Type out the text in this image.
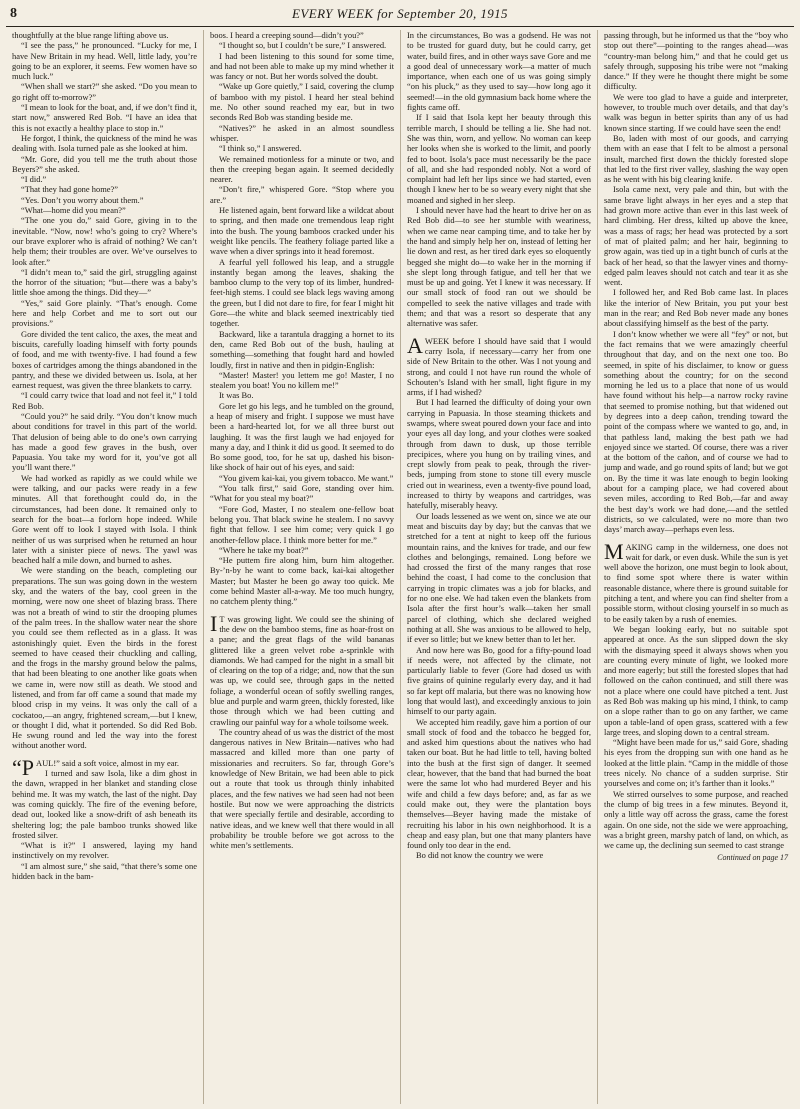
8	EVERY WEEK for September 20, 1915

thoughtfully at the blue range lifting above us.

“I see the pass,” he pronounced. “Lucky for me, I have New Britain in my head. Well, little lady, you’re going to be an explorer, it seems. Few women have so much luck.”

“When shall we start?” she asked. “Do you mean to go right off to-morrow?”

“I mean to look for the boat, and, if we don’t find it, start now,” answered Red Bob. “I have an idea that this is not exactly a healthy place to stop in.”

He forgot, I think, the quickness of the mind he was dealing with. Isola turned pale as she looked at him.

“Mr. Gore, did you tell me the truth about those Beyers?” she asked.

“I did.”

“That they had gone home?”

“Yes. Don’t you worry about them.”

“What—home did you mean?”

“The one you do,” said Gore, giving in to the inevitable. “Now, now! who’s going to cry? Where’s our brave explorer who is afraid of nothing? We can’t help them; their troubles are over. We’ve ourselves to look after.”

“I didn’t mean to,” said the girl, struggling against the horror of the situation; “but—there was a baby’s little shoe among the things. Did they—”

“Yes,” said Gore plainly. “That’s enough. Come here and help Corbet and me to sort out our provisions.”

Gore divided the tent calico, the axes, the meat and biscuits, carefully loading himself with forty pounds of food, and me with twenty-five. I had found a few boxes of cartridges among the things abandoned in the pantry, and these we divided between us. Isola, at her earnest request, was given the three blankets to carry.

“I could carry twice that load and not feel it,” I told Red Bob.

“Could you?” he said drily. “You don’t know much about conditions for travel in this part of the world. That delusion of being able to do one’s own carrying has made a good few graves in the bush, over Papuasia. You take my word for it, you’ve got all you’ll want there.”

We had worked as rapidly as we could while we were talking, and our packs were ready in a few minutes. All that forethought could do, in the circumstances, had been done. It remained only to search for the boat—a forlorn hope indeed. While Gore went off to look I stayed with Isola. I think neither of us was surprised when he returned an hour later with a sinister piece of news. The yawl was beached half a mile down, and burned to ashes.

We were standing on the beach, completing our preparations. The sun was going down in the western sky, and the waters of the bay, cool green in the morning, were now one sheet of blazing brass. There was not a breath of wind to stir the drooping plumes of the palm trees. In the shallow water near the shore you could see them reflected as in a glass. It was astonishingly quiet. Even the birds in the forest seemed to have ceased their chuckling and calling, and the frogs in the marshy ground below the palms, that had been bleating to one another like goats when we came in, were now still as death. We stood and listened, and from far off came a sound that made my blood crisp in my veins. It was only the call of a cockatoo,—an angry, frightened scream,—but I knew, or thought I did, what it portended. So did Red Bob. He swung round and led the way into the forest without another word.

“PAUL!” said a soft voice, almost in my ear.

I turned and saw Isola, like a dim ghost in the dawn, wrapped in her blanket and standing close behind me. It was my watch, the last of the night. Day was coming quickly. The fire of the evening before, dead out, looked like a snow-drift of ash beneath its sheltering log; the pale bamboo trunks showed like frosted silver.

“What is it?” I answered, laying my hand instinctively on my revolver.

“I am almost sure,” she said, “that there’s some one hidden back in the bam-

boos. I heard a creeping sound—didn’t you?”

“I thought so, but I couldn’t be sure,” I answered.

I had been listening to this sound for some time, and had not been able to make up my mind whether it was fancy or not. But her words solved the doubt.

“Wake up Gore quietly,” I said, covering the clump of bamboo with my pistol. I heard her steal behind me. No other sound reached my ear, but in two seconds Red Bob was standing beside me.

“Natives?” he asked in an almost soundless whisper.

“I think so,” I answered.

We remained motionless for a minute or two, and then the creeping began again. It seemed decidedly nearer.

“Don’t fire,” whispered Gore. “Stop where you are.”

He listened again, bent forward like a wildcat about to spring, and then made one tremendous leap right into the bush. The young bamboos cracked under his weight like pencils. The feathery foliage parted like a wave when a diver springs into it head foremost.

A fearful yell followed his leap, and a struggle instantly began among the leaves, shaking the bamboo clump to the very top of its limber, hundred-feet-high stems. I could see black legs waving among the green, but I did not dare to fire, for fear I might hit Gore—the white and black seemed inextricably tied together.

Backward, like a tarantula dragging a hornet to its den, came Red Bob out of the bush, hauling at something—something that fought hard and howled loudly, first in native and then in pidgin-English:

“Master! Master! you lettem me go! Master, I no stealem you boat! You no killem me!”

It was Bo.

Gore let go his legs, and he tumbled on the ground, a heap of misery and fright. I suppose we must have been a hard-hearted lot, for we all three burst out laughing. It was the first laugh we had enjoyed for many a day, and I think it did us good. It seemed to do Bo some good, too, for he sat up, dashed his bison-like shock of hair out of his eyes, and said:

“You givem kai-kai, you givem tobacco. Me want.”

“You talk first,” said Gore, standing over him. “What for you steal my boat?”

“Fore God, Master, I no stealem one-fellow boat belong you. That black swine he stealem. I no savvy fight that fellow. I see him come; very quick I go another-fellow place. I think more better for me.”

“Where he take my boat?”

“He puttem fire along him, burn him altogether. By-’n-by he want to come back, kai-kai altogether Master; but Master he been go away too quick. Me come behind Master all-a-way. Me too much hungry, no catchem plenty thing.”

I T was growing light. We could see the shining of the dew on the bamboo stems, fine as hoar-frost on a pane; and the great flags of the wild bananas glittered like a green velvet robe a-sprinkle with diamonds. We had camped for the night in a small bit of clearing on the top of a ridge; and, now that the sun was up, we could see, through gaps in the netted foliage, a wonderful ocean of softly swelling ranges, blue and purple and warm green, thickly forested, like those through which we had been cutting and crawling our painful way for a whole toilsome week.

The country ahead of us was the district of the most dangerous natives in New Britain—natives who had massacred and killed more than one party of missionaries and recruiters. So far, through Gore’s knowledge of New Britain, we had been able to pick out a route that took us through thinly inhabited places, and the few natives we had seen had not been hostile. But now we were approaching the districts that were specially fertile and desirable, according to native ideas, and we knew well that there would in all probability be trouble before we got across to the white men’s settlements.

In the circumstances, Bo was a godsend. He was not to be trusted for guard duty, but he could carry, get water, build fires, and in other ways save Gore and me a good deal of unnecessary work—a matter of much importance, when each one of us was going simply “on his pluck,” as they used to say—how long ago it seemed!—in the old gymnasium back home where the fights came off.

If I said that Isola kept her beauty through this terrible march, I should be telling a lie. She had not. She was thin, worn, and yellow. No woman can keep her looks when she is worked to the limit, and poorly fed to boot. Isola’s pace must necessarily be the pace of all, and she had responded nobly. Not a word of complaint had left her lips since we had started, even though I knew her to be so weary every night that she moaned and sighed in her sleep.

I should never have had the heart to drive her on as Red Bob did—to see her stumble with weariness, when we came near camping time, and to take her by the hand and simply help her on, instead of letting her lie down and rest, as her tired dark eyes so eloquently begged she might do—to wake her in the morning if she slept long through fatigue, and tell her that we must be up and going. Yet I knew it was necessary. If our small stock of food ran out we should be compelled to seek the native villages and trade with them; and that was a resort so desperate that any alternative was safer.

AWEEK before I should have said that I would carry Isola, if necessary—carry her from one side of New Britain to the other. Was I not young and strong, and could I not have run round the whole of Schouten’s Island with her small, light figure in my arms, if I had wished?

But I had learned the difficulty of doing your own carrying in Papuasia. In those steaming thickets and swamps, where sweat poured down your face and into your eyes all day long, and your clothes were soaked through from dawn to dusk, up those terrible precipices, where you hung on by trailing vines, and crept slowly from peak to peak, through the river-beds, jumping from stone to stone till every muscle cried out in weariness, even a twenty-five pound load, increased to thirty by weapons and cartridges, was hatefully, miserably heavy.

Our loads lessened as we went on, since we ate our meat and biscuits day by day; but the canvas that we stretched for a tent at night to keep off the furious mountain rains, and the knives for trade, and our few clothes and belongings, remained. Long before we had crossed the first of the many ranges that rose behind the coast, I had come to the conclusion that carrying in tropic climates was a job for blacks, and for no one else. We had taken even the blankets from Isola after the first hour’s walk—taken her small parcel of clothing, which she declared weighed nothing at all. She was anxious to be allowed to help, if ever so little; but we knew better than to let her.

And now here was Bo, good for a fifty-pound load if needs were, not affected by the climate, not particularly liable to fever (Gore had dosed us with five grains of quinine regularly every day, and it had so far kept off malaria, but there was no knowing how long that would last), and exceedingly anxious to join himself to our party again.

We accepted him readily, gave him a portion of our small stock of food and the tobacco he begged for, and asked him questions about the natives who had taken our boat. But he had little to tell, having bolted into the bush at the first sign of danger. It seemed clear, however, that the band that had burned the boat were the same lot who had murdered Beyer and his wife and child a few days before; and, as far as we could make out, they were the plantation boys themselves—Beyer having made the mistake of recruiting his labor in his own neighborhood. It is a cheap and easy plan, but one that many planters have found only too dear in the end.

Bo did not know the country we were

passing through, but he informed us that the “boy who stop out there”—pointing to the ranges ahead—was “country-man belong him,” and that he could get us safely through, supposing his tribe were not “making dance.” If they were he thought there might be some difficulty.

We were too glad to have a guide and interpreter, however, to trouble much over details, and that day’s walk was begun in better spirits than any of us had known since starting. If we could have seen the end!

Bo, laden with most of our goods, and carrying them with an ease that I felt to be almost a personal insult, marched first down the thickly forested slope that led to the first river valley, slashing the way open as he went with his big clearing knife.

Isola came next, very pale and thin, but with the same brave light always in her eyes and a step that had grown more active than ever in this last week of hard climbing. Her dress, kilted up above the knee, was a mass of rags; her head was protected by a sort of mat of plaited palm; and her hair, beginning to grow again, was tied up in a tight bunch of curls at the back of her head, so that the lawyer vines and thorny-edged palm leaves should not catch and tear it as she went.

I followed her, and Red Bob came last. In places like the interior of New Britain, you put your best man in the rear; and Red Bob never made any bones about classifying himself as the best of the party.

I don’t know whether we were all “fey” or not, but the fact remains that we were amazingly cheerful throughout that day, and on the next one too. Bo seemed, in spite of his disclaimer, to know or guess something about the country; for on the second morning he led us to a place that none of us would have found without his help—a narrow rocky ravine that seemed to promise nothing, but that widened out by degrees into a deep cañon, trending toward the point of the compass where we wanted to go, and, in that pathless land, making the best path we had enjoyed since we started. Of course, there was a river at the bottom of the cañon, and of course we had to jump and wade, and go round spits of land; but we got on. By the time it was late enough to begin looking about for a camping place, we had covered about seven miles, according to Red Bob,—far and away the best day’s work we had done,—and the settled districts, so we calculated, were no more than two days’ march away—perhaps even less.

MAKING camp in the wilderness, one does not wait for dark, or even dusk. While the sun is yet well above the horizon, one must begin to look about, to find some spot where there is water within reasonable distance, where there is ground suitable for pitching a tent, and where you can find shelter from a possible storm, without closing yourself in so much as to be easily taken by a rush of enemies.

We began looking early, but no suitable spot appeared at once. As the sun slipped down the sky with the dismaying speed it always shows when you are counting every minute of light, we looked more and more eagerly; but still the forested slopes that had followed on the cañon continued, and still there was not a place where one could have pitched a tent. Just as Red Bob was making up his mind, I think, to camp on a slope rather than to go on any farther, we came upon a table-land of open grass, scattered with a few large trees, and sloping down to a central stream.

“Might have been made for us,” said Gore, shading his eyes from the dropping sun with one hand as he looked at the little plain. “Camp in the middle of those trees nicely. No chance of a sudden surprise. Stir yourselves and come on; it’s farther than it looks.”

We stirred ourselves to some purpose, and reached the clump of big trees in a few minutes. Beyond it, only a little way off across the grass, came the forest again. On one side, not the side we were approaching, was a bright green, marshy patch of land, on which, as we came up, the declining sun seemed to cast strange

Continued on page 17
